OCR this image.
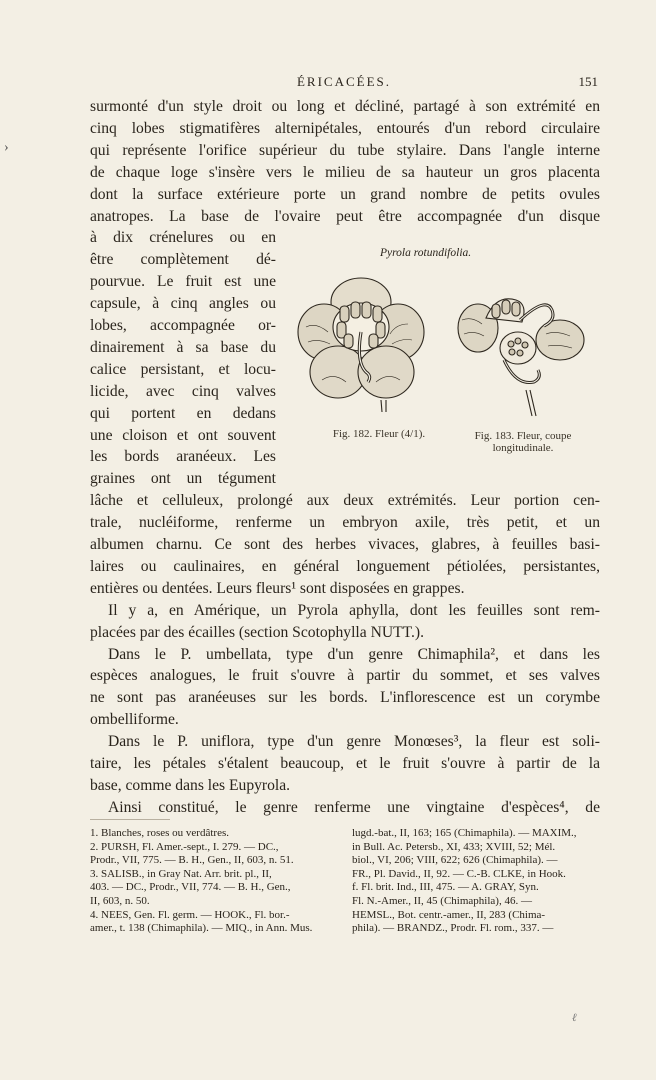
›
ÉRICACÉES.	151
surmonté d'un style droit ou long et décliné, partagé à son extrémité en
cinq lobes stigmatifères alternipétales, entourés d'un rebord circulaire
qui représente l'orifice supérieur du tube stylaire. Dans l'angle interne
de chaque loge s'insère vers le milieu de sa hauteur un gros placenta
dont la surface extérieure porte un grand nombre de petits ovules
anatropes. La base de l'ovaire peut être accompagnée d'un disque
à dix crénelures ou en
être complètement dé-
pourvue. Le fruit est une
capsule, à cinq angles ou
lobes, accompagnée or-
dinairement à sa base du
calice persistant, et locu-
licide, avec cinq valves
qui portent en dedans
une cloison et ont souvent
les bords aranéeux. Les
graines ont un tégument
lâche et celluleux, prolongé aux deux extrémités. Leur portion cen-
trale, nucléiforme, renferme un embryon axile, très petit, et un
albumen charnu. Ce sont des herbes vivaces, glabres, à feuilles basi-
laires ou caulinaires, en général longuement pétiolées, persistantes,
entières ou dentées. Leurs fleurs¹ sont disposées en grappes.
Il y a, en Amérique, un Pyrola aphylla, dont les feuilles sont rem-
placées par des écailles (section Scotophylla NUTT.).
Dans le P. umbellata, type d'un genre Chimaphila², et dans les
espèces analogues, le fruit s'ouvre à partir du sommet, et ses valves
ne sont pas aranéeuses sur les bords. L'inflorescence est un corymbe
ombelliforme.
Dans le P. uniflora, type d'un genre Monœses³, la fleur est soli-
taire, les pétales s'étalent beaucoup, et le fruit s'ouvre à partir de la
base, comme dans les Eupyrola.
Ainsi constitué, le genre renferme une vingtaine d'espèces⁴, de
Pyrola rotundifolia.
Fig. 182. Fleur (4/1).	Fig. 183. Fleur, coupe
longitudinale.
1. Blanches, roses ou verdâtres.
2. PURSH, Fl. Amer.-sept., I. 279. — DC.,
Prodr., VII, 775. — B. H., Gen., II, 603, n. 51.
3. SALISB., in Gray Nat. Arr. brit. pl., II,
403. — DC., Prodr., VII, 774. — B. H., Gen.,
II, 603, n. 50.
4. NEES, Gen. Fl. germ. — HOOK., Fl. bor.-
amer., t. 138 (Chimaphila). — MIQ., in Ann. Mus.
lugd.-bat., II, 163; 165 (Chimaphila). — MAXIM.,
in Bull. Ac. Petersb., XI, 433; XVIII, 52; Mél.
biol., VI, 206; VIII, 622; 626 (Chimaphila). —
FR., Pl. David., II, 92. — C.-B. CLKE, in Hook.
f. Fl. brit. Ind., III, 475. — A. GRAY, Syn.
Fl. N.-Amer., II, 45 (Chimaphila), 46. —
HEMSL., Bot. centr.-amer., II, 283 (Chima-
phila). — BRANDZ., Prodr. Fl. rom., 337. —
ℓ
